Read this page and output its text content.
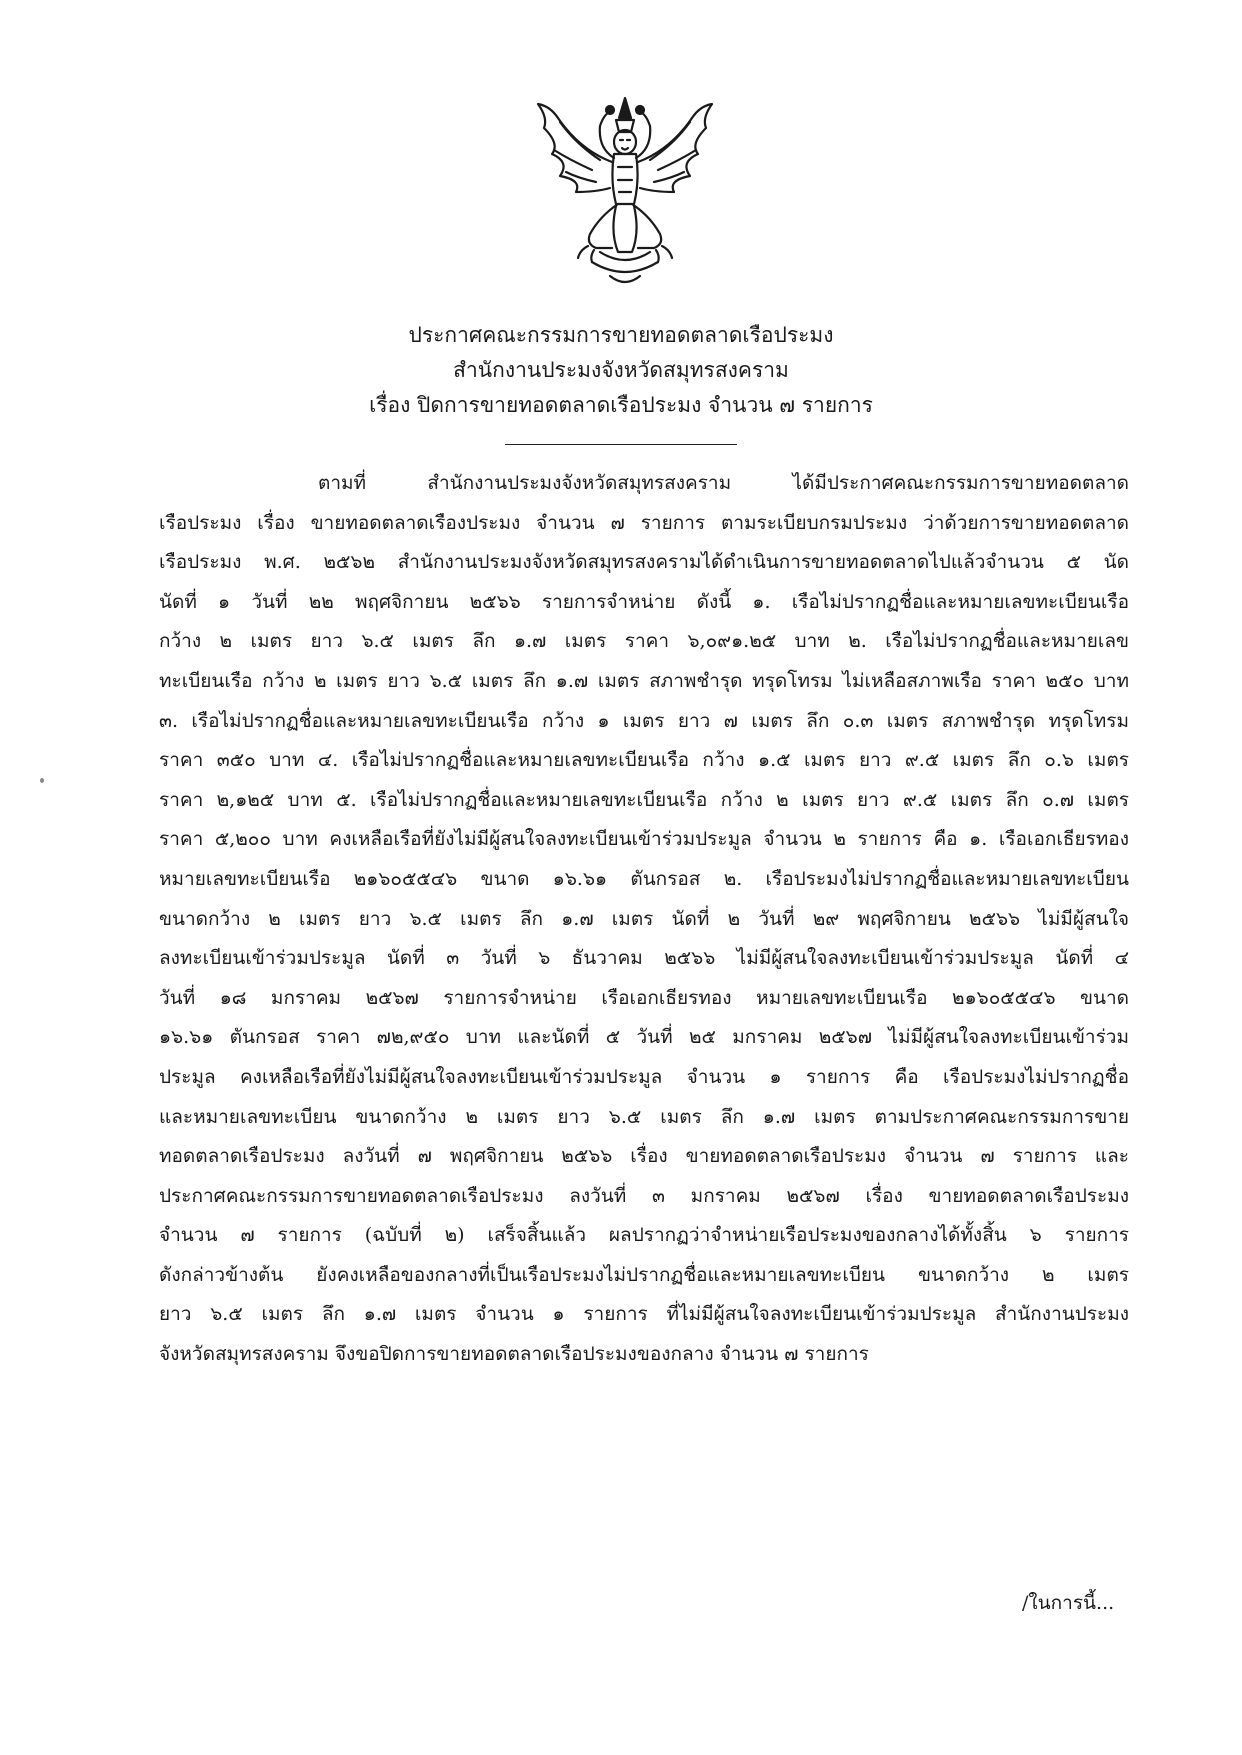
ประกาศคณะกรรมการขายทอดตลาดเรือประมง
สำนักงานประมงจังหวัดสมุทรสงคราม
เรื่อง ปิดการขายทอดตลาดเรือประมง จำนวน ๗ รายการ
ตามที่ สำนักงานประมงจังหวัดสมุทรสงคราม ได้มีประกาศคณะกรรมการขายทอดตลาด
เรือประมง เรื่อง ขายทอดตลาดเรืองประมง จำนวน ๗ รายการ ตามระเบียบกรมประมง ว่าด้วยการขายทอดตลาด
เรือประมง พ.ศ. ๒๕๖๒ สำนักงานประมงจังหวัดสมุทรสงครามได้ดำเนินการขายทอดตลาดไปแล้วจำนวน ๕ นัด
นัดที่ ๑ วันที่ ๒๒ พฤศจิกายน ๒๕๖๖ รายการจำหน่าย ดังนี้ ๑. เรือไม่ปรากฏชื่อและหมายเลขทะเบียนเรือ
กว้าง ๒ เมตร ยาว ๖.๕ เมตร ลึก ๑.๗ เมตร ราคา ๖,๐๙๑.๒๕ บาท ๒. เรือไม่ปรากฏชื่อและหมายเลข
ทะเบียนเรือ กว้าง ๒ เมตร ยาว ๖.๕ เมตร ลึก ๑.๗ เมตร สภาพชำรุด ทรุดโทรม ไม่เหลือสภาพเรือ ราคา ๒๕๐ บาท
๓. เรือไม่ปรากฏชื่อและหมายเลขทะเบียนเรือ กว้าง ๑ เมตร ยาว ๗ เมตร ลึก ๐.๓ เมตร สภาพชำรุด ทรุดโทรม
ราคา ๓๕๐ บาท ๔. เรือไม่ปรากฏชื่อและหมายเลขทะเบียนเรือ กว้าง ๑.๕ เมตร ยาว ๙.๕ เมตร ลึก ๐.๖ เมตร
ราคา ๒,๑๒๕ บาท ๕. เรือไม่ปรากฏชื่อและหมายเลขทะเบียนเรือ กว้าง ๒ เมตร ยาว ๙.๕ เมตร ลึก ๐.๗ เมตร
ราคา ๕,๒๐๐ บาท คงเหลือเรือที่ยังไม่มีผู้สนใจลงทะเบียนเข้าร่วมประมูล จำนวน ๒ รายการ คือ ๑. เรือเอกเธียรทอง
หมายเลขทะเบียนเรือ ๒๑๖๐๕๕๔๖ ขนาด ๑๖.๖๑ ตันกรอส ๒. เรือประมงไม่ปรากฏชื่อและหมายเลขทะเบียน
ขนาดกว้าง ๒ เมตร ยาว ๖.๕ เมตร ลึก ๑.๗ เมตร นัดที่ ๒ วันที่ ๒๙ พฤศจิกายน ๒๕๖๖ ไม่มีผู้สนใจ
ลงทะเบียนเข้าร่วมประมูล นัดที่ ๓ วันที่ ๖ ธันวาคม ๒๕๖๖ ไม่มีผู้สนใจลงทะเบียนเข้าร่วมประมูล นัดที่ ๔
วันที่ ๑๘ มกราคม ๒๕๖๗ รายการจำหน่าย เรือเอกเธียรทอง หมายเลขทะเบียนเรือ ๒๑๖๐๕๕๔๖ ขนาด
๑๖.๖๑ ตันกรอส ราคา ๗๒,๙๕๐ บาท และนัดที่ ๕ วันที่ ๒๕ มกราคม ๒๕๖๗ ไม่มีผู้สนใจลงทะเบียนเข้าร่วม
ประมูล คงเหลือเรือที่ยังไม่มีผู้สนใจลงทะเบียนเข้าร่วมประมูล จำนวน ๑ รายการ คือ เรือประมงไม่ปรากฏชื่อ
และหมายเลขทะเบียน ขนาดกว้าง ๒ เมตร ยาว ๖.๕ เมตร ลึก ๑.๗ เมตร ตามประกาศคณะกรรมการขาย
ทอดตลาดเรือประมง ลงวันที่ ๗ พฤศจิกายน ๒๕๖๖ เรื่อง ขายทอดตลาดเรือประมง จำนวน ๗ รายการ และ
ประกาศคณะกรรมการขายทอดตลาดเรือประมง ลงวันที่ ๓ มกราคม ๒๕๖๗ เรื่อง ขายทอดตลาดเรือประมง
จำนวน ๗ รายการ (ฉบับที่ ๒) เสร็จสิ้นแล้ว ผลปรากฏว่าจำหน่ายเรือประมงของกลางได้ทั้งสิ้น ๖ รายการ
ดังกล่าวข้างต้น ยังคงเหลือของกลางที่เป็นเรือประมงไม่ปรากฏชื่อและหมายเลขทะเบียน ขนาดกว้าง ๒ เมตร
ยาว ๖.๕ เมตร ลึก ๑.๗ เมตร จำนวน ๑ รายการ ที่ไม่มีผู้สนใจลงทะเบียนเข้าร่วมประมูล สำนักงานประมง
จังหวัดสมุทรสงคราม จึงขอปิดการขายทอดตลาดเรือประมงของกลาง จำนวน ๗ รายการ
/ในการนี้...
